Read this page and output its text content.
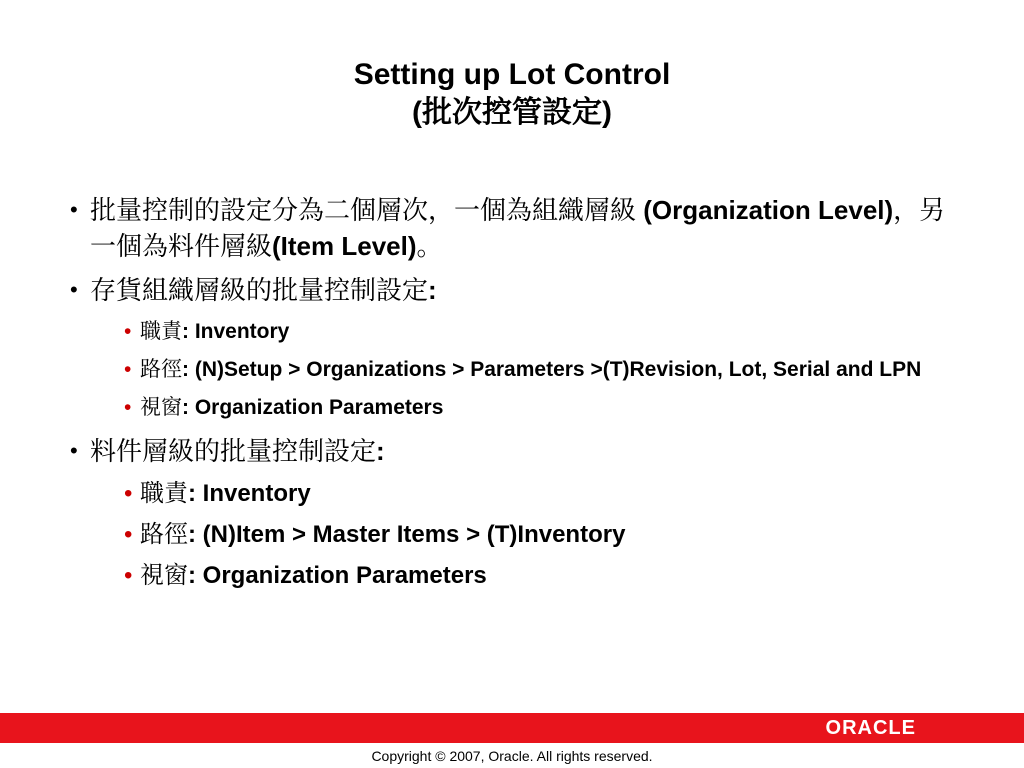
Setting up Lot Control
(批次控管設定)
• 批量控制的設定分為二個層次，一個為組織層級 (Organization Level)，另一個為料件層級(Item Level)。
• 存貨組織層級的批量控制設定:
• 職責: Inventory
• 路徑: (N)Setup > Organizations > Parameters >(T)Revision, Lot, Serial and LPN
• 視窗: Organization Parameters
• 料件層級的批量控制設定:
• 職責: Inventory
• 路徑: (N)Item > Master Items > (T)Inventory
• 視窗: Organization Parameters
ORACLE
Copyright © 2007, Oracle. All rights reserved.
